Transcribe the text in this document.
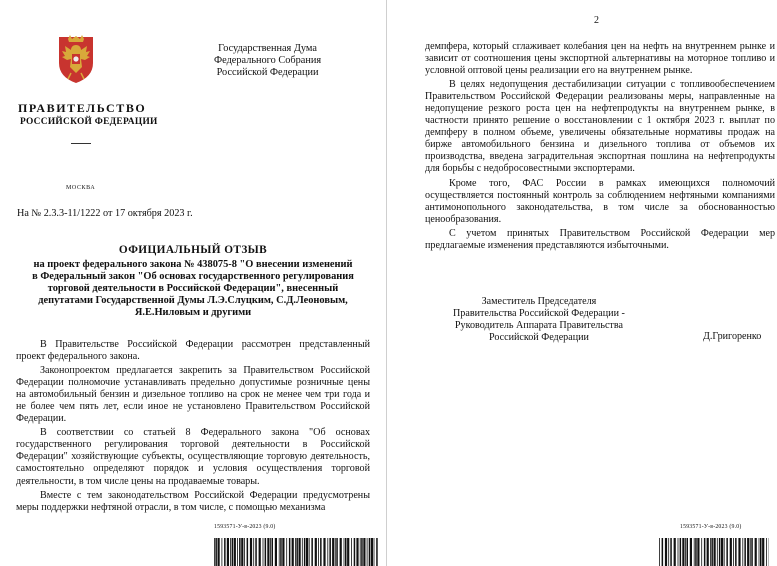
Государственная Дума
Федерального Собрания
Российской Федерации
ПРАВИТЕЛЬСТВО
РОССИЙСКОЙ ФЕДЕРАЦИИ
МОСКВА
На № 2.3.3-11/1222 от 17 октября 2023 г.
ОФИЦИАЛЬНЫЙ ОТЗЫВ
на проект федерального закона № 438075-8 "О внесении изменений
в Федеральный закон "Об основах государственного регулирования
торговой деятельности в Российской Федерации", внесенный
депутатами Государственной Думы Л.Э.Слуцким, С.Д.Леоновым,
Я.Е.Ниловым и другими

В Правительстве Российской Федерации рассмотрен представленный проект федерального закона.

Законопроектом предлагается закрепить за Правительством Российской Федерации полномочие устанавливать предельно допустимые розничные цены на автомобильный бензин и дизельное топливо на срок не менее чем три года и не более чем пять лет, если иное не установлено Правительством Российской Федерации.

В соответствии со статьей 8 Федерального закона "Об основах государственного регулирования торговой деятельности в Российской Федерации" хозяйствующие субъекты, осуществляющие торговую деятельность, самостоятельно определяют порядок и условия осуществления торговой деятельности, в том числе цены на продаваемые товары.

Вместе с тем законодательством Российской Федерации предусмотрены меры поддержки нефтяной отрасли, в том числе, с помощью механизма

1593571-У-в-2023 (9.0)
2

демпфера, который сглаживает колебания цен на нефть на внутреннем рынке и зависит от соотношения цены экспортной альтернативы на моторное топливо и условной оптовой цены реализации его на внутреннем рынке.

В целях недопущения дестабилизации ситуации с топливообеспечением Правительством Российской Федерации реализованы меры, направленные на недопущение резкого роста цен на нефтепродукты на внутреннем рынке, в частности принято решение о восстановлении с 1 октября 2023 г. выплат по демпферу в полном объеме, увеличены обязательные нормативы продаж на бирже автомобильного бензина и дизельного топлива от объемов их производства, введена заградительная экспортная пошлина на нефтепродукты для борьбы с недобросовестными экспортерами.

Кроме того, ФАС России в рамках имеющихся полномочий осуществляется постоянный контроль за соблюдением нефтяными компаниями антимонопольного законодательства, в том числе за обоснованностью ценообразования.

С учетом принятых Правительством Российской Федерации мер предлагаемые изменения представляются избыточными.

Заместитель Председателя
Правительства Российской Федерации -
Руководитель Аппарата Правительства
Российской Федерации	Д.Григоренко
1593571-У-в-2023 (9.0)
